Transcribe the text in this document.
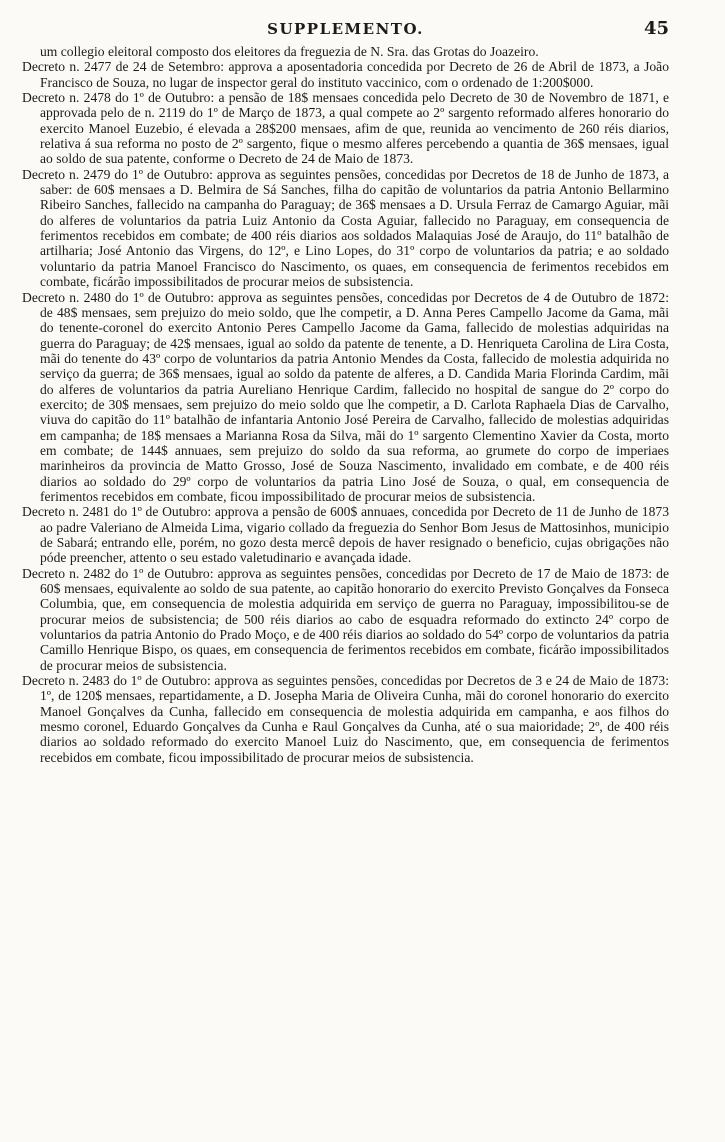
SUPPLEMENTO.	45

um collegio eleitoral composto dos eleitores da freguezia de N. Sra. das Grotas do Joazeiro.

Decreto n. 2477 de 24 de Setembro: approva a aposentadoria concedida por Decreto de 26 de Abril de 1873, a João Francisco de Souza, no lugar de inspector geral do instituto vaccinico, com o ordenado de 1:200$000.

Decreto n. 2478 do 1º de Outubro: a pensão de 18$ mensaes concedida pelo Decreto de 30 de Novembro de 1871, e approvada pelo de n. 2119 do 1º de Março de 1873, a qual compete ao 2º sargento reformado alferes honorario do exercito Manoel Euzebio, é elevada a 28$200 mensaes, afim de que, reunida ao vencimento de 260 réis diarios, relativa á sua reforma no posto de 2º sargento, fique o mesmo alferes percebendo a quantia de 36$ mensaes, igual ao soldo de sua patente, conforme o Decreto de 24 de Maio de 1873.

Decreto n. 2479 do 1º de Outubro: approva as seguintes pensões, concedidas por Decretos de 18 de Junho de 1873, a saber: de 60$ mensaes a D. Belmira de Sá Sanches, filha do capitão de voluntarios da patria Antonio Bellarmino Ribeiro Sanches, fallecido na campanha do Paraguay; de 36$ mensaes a D. Ursula Ferraz de Camargo Aguiar, mãi do alferes de voluntarios da patria Luiz Antonio da Costa Aguiar, fallecido no Paraguay, em consequencia de ferimentos recebidos em combate; de 400 réis diarios aos soldados Malaquias José de Araujo, do 11º batalhão de artilharia; José Antonio das Virgens, do 12º, e Lino Lopes, do 31º corpo de voluntarios da patria; e ao soldado voluntario da patria Manoel Francisco do Nascimento, os quaes, em consequencia de ferimentos recebidos em combate, ficárão impossibilitados de procurar meios de subsistencia.

Decreto n. 2480 do 1º de Outubro: approva as seguintes pensões, concedidas por Decretos de 4 de Outubro de 1872: de 48$ mensaes, sem prejuizo do meio soldo, que lhe competir, a D. Anna Peres Campello Jacome da Gama, mãi do tenente-coronel do exercito Antonio Peres Campello Jacome da Gama, fallecido de molestias adquiridas na guerra do Paraguay; de 42$ mensaes, igual ao soldo da patente de tenente, a D. Henriqueta Carolina de Lira Costa, mãi do tenente do 43º corpo de voluntarios da patria Antonio Mendes da Costa, fallecido de molestia adquirida no serviço da guerra; de 36$ mensaes, igual ao soldo da patente de alferes, a D. Candida Maria Florinda Cardim, mãi do alferes de voluntarios da patria Aureliano Henrique Cardim, fallecido no hospital de sangue do 2º corpo do exercito; de 30$ mensaes, sem prejuizo do meio soldo que lhe competir, a D. Carlota Raphaela Dias de Carvalho, viuva do capitão do 11º batalhão de infantaria Antonio José Pereira de Carvalho, fallecido de molestias adquiridas em campanha; de 18$ mensaes a Marianna Rosa da Silva, mãi do 1º sargento Clementino Xavier da Costa, morto em combate; de 144$ annuaes, sem prejuizo do soldo da sua reforma, ao grumete do corpo de imperiaes marinheiros da provincia de Matto Grosso, José de Souza Nascimento, invalidado em combate, e de 400 réis diarios ao soldado do 29º corpo de voluntarios da patria Lino José de Souza, o qual, em consequencia de ferimentos recebidos em combate, ficou impossibilitado de procurar meios de subsistencia.

Decreto n. 2481 do 1º de Outubro: approva a pensão de 600$ annuaes, concedida por Decreto de 11 de Junho de 1873 ao padre Valeriano de Almeida Lima, vigario collado da freguezia do Senhor Bom Jesus de Mattosinhos, municipio de Sabará; entrando elle, porém, no gozo desta mercê depois de haver resignado o beneficio, cujas obrigações não póde preencher, attento o seu estado valetudinario e avançada idade.

Decreto n. 2482 do 1º de Outubro: approva as seguintes pensões, concedidas por Decreto de 17 de Maio de 1873: de 60$ mensaes, equivalente ao soldo de sua patente, ao capitão honorario do exercito Previsto Gonçalves da Fonseca Columbia, que, em consequencia de molestia adquirida em serviço de guerra no Paraguay, impossibilitou-se de procurar meios de subsistencia; de 500 réis diarios ao cabo de esquadra reformado do extincto 24º corpo de voluntarios da patria Antonio do Prado Moço, e de 400 réis diarios ao soldado do 54º corpo de voluntarios da patria Camillo Henrique Bispo, os quaes, em consequencia de ferimentos recebidos em combate, ficárão impossibilitados de procurar meios de subsistencia.

Decreto n. 2483 do 1º de Outubro: approva as seguintes pensões, concedidas por Decretos de 3 e 24 de Maio de 1873: 1º, de 120$ mensaes, repartidamente, a D. Josepha Maria de Oliveira Cunha, mãi do coronel honorario do exercito Manoel Gonçalves da Cunha, fallecido em consequencia de molestia adquirida em campanha, e aos filhos do mesmo coronel, Eduardo Gonçalves da Cunha e Raul Gonçalves da Cunha, até o sua maioridade; 2º, de 400 réis diarios ao soldado reformado do exercito Manoel Luiz do Nascimento, que, em consequencia de ferimentos recebidos em combate, ficou impossibilitado de procurar meios de subsistencia.
